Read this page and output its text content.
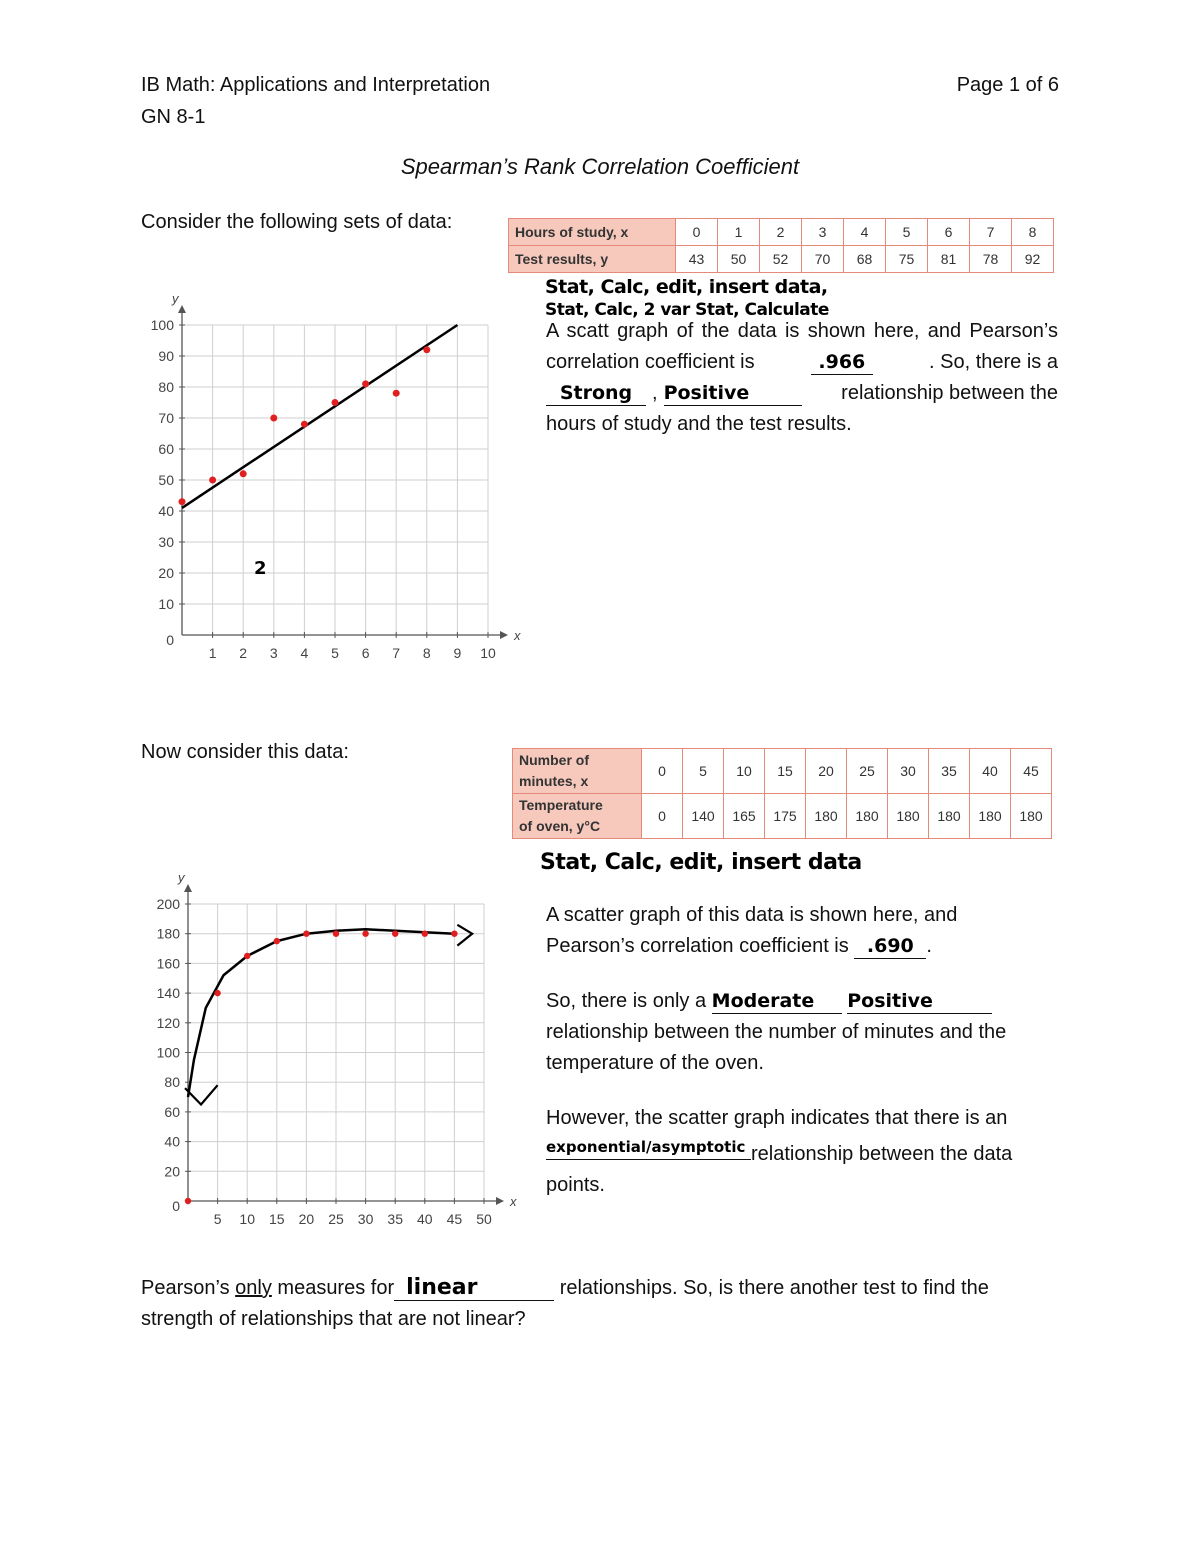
IB Math: Applications and Interpretation
GN 8-1
Page 1 of 6
Spearman’s Rank Correlation Coefficient
Consider the following sets of data:	Hours of study, x	0	1	2	3	4	5	6	7	8
Test results, y	43	50	52	70	68	75	81	78	92
Stat, Calc, edit, insert data,
Stat, Calc, 2 var Stat, Calculate
A scatt graph of the data is shown here, and Pearson’s
correlation coefficient is	.966	. So, there is a
Strong , Positive	relationship between the
hours of study and the test results.
1 2 3 4 5 6 7 8 9 10
10
20
30
40
50
60
70
80
90
100
0	x
y
2
Now consider this data:	Number of
minutes, x	0	5	10	15	20	25	30	35	40	45

Temperature
of oven, y°C	0	140	165	175	180	180	180	180	180	180
Stat, Calc, edit, insert data
A scatter graph of this data is shown here, and
Pearson’s correlation coefficient is .690 .
So, there is only a Moderate Positive
relationship between the number of minutes and the
temperature of the oven.
However, the scatter graph indicates that there is an
exponential/asymptotic relationship between the data
points.
5 10 15 20 25 30 35 40 45 50
20
40
60
80
100
120
140
160
180
200
0	x
y
Pearson’s only measures for linear	relationships. So, is there another test to find the
strength of relationships that are not linear?
